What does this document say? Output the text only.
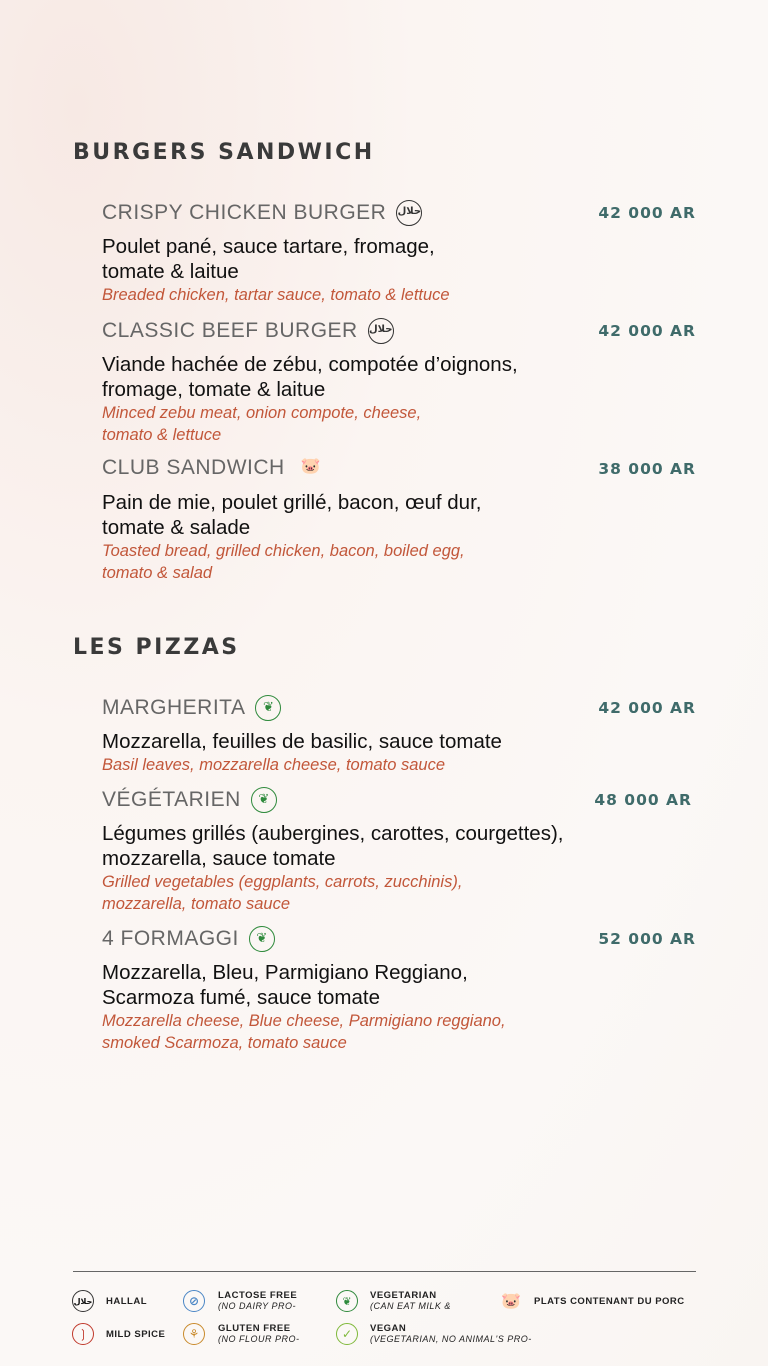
BURGERS SANDWICH
CRISPY CHICKEN BURGER حلال	42 000 AR
Poulet pané, sauce tartare, fromage,
tomate & laitue
Breaded chicken, tartar sauce, tomato & lettuce
CLASSIC BEEF BURGER حلال	42 000 AR
Viande hachée de zébu, compotée d’oignons,
fromage, tomate & laitue
Minced zebu meat, onion compote, cheese,
tomato & lettuce
CLUB SANDWICH 🐷	38 000 AR
Pain de mie, poulet grillé, bacon, œuf dur,
tomate & salade
Toasted bread, grilled chicken, bacon, boiled egg,
tomato & salad
LES PIZZAS
MARGHERITA ❦	42 000 AR
Mozzarella, feuilles de basilic, sauce tomate
Basil leaves, mozzarella cheese, tomato sauce
VÉGÉTARIEN ❦	48 000 AR
Légumes grillés (aubergines, carottes, courgettes),
mozzarella, sauce tomate
Grilled vegetables (eggplants, carrots, zucchinis),
mozzarella, tomato sauce
4 FORMAGGI ❦	52 000 AR
Mozzarella, Bleu, Parmigiano Reggiano,
Scarmoza fumé, sauce tomate
Mozzarella cheese, Blue cheese, Parmigiano reggiano,
smoked Scarmoza, tomato sauce
حلال HALLAL
❳	MILD SPICE
⊘	LACTOSE FREE
(NO DAIRY PRO-
⚘	GLUTEN FREE
(NO FLOUR PRO-
❦	VEGETARIAN
(CAN EAT MILK &
✓	VEGAN
(VEGETARIAN, NO ANIMAL'S PRO-
🐷 PLATS CONTENANT DU PORC
